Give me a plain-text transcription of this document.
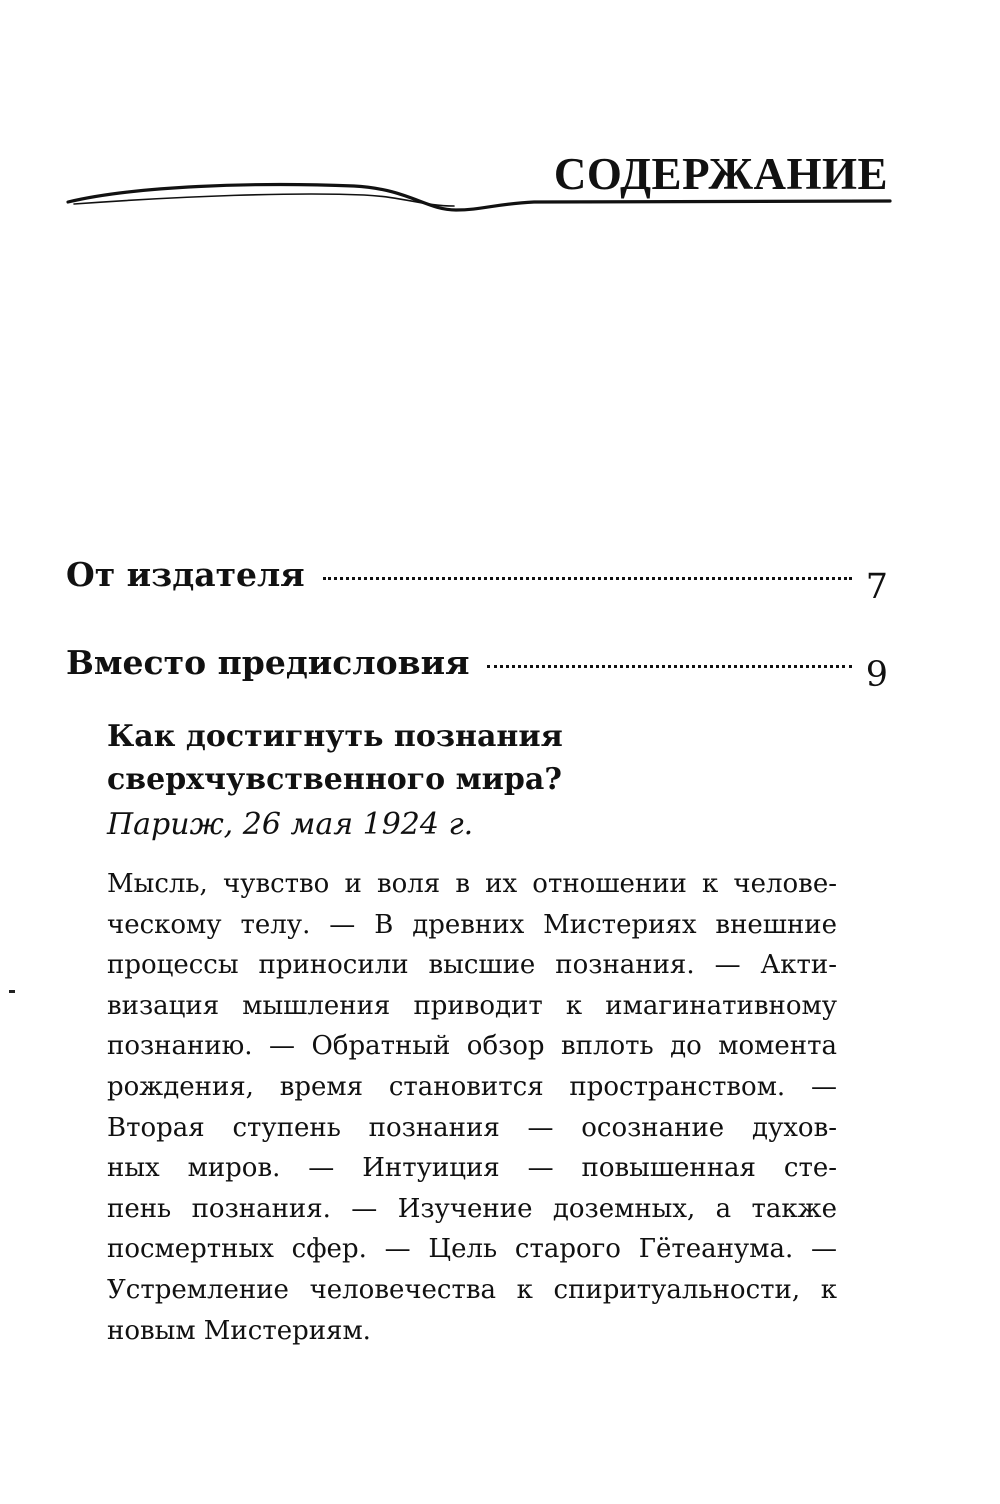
СОДЕРЖАНИЕ
От издателя	7
Вместо предисловия	9
Как достигнуть познания
сверхчувственного мира?
Париж, 26 мая 1924 г.
Мысль, чувство и воля в их отношении к челове-
ческому телу. — В древних Мистериях внешние
процессы приносили высшие познания. — Акти-
визация мышления приводит к имагинативному
познанию. — Обратный обзор вплоть до момента
рождения, время становится пространством. —
Вторая ступень познания — осознание духов-
ных миров. — Интуиция — повышенная сте-
пень познания. — Изучение доземных, а также
посмертных сфер. — Цель старого Гётеанума. —
Устремление человечества к спиритуальности, к
новым Мистериям.
